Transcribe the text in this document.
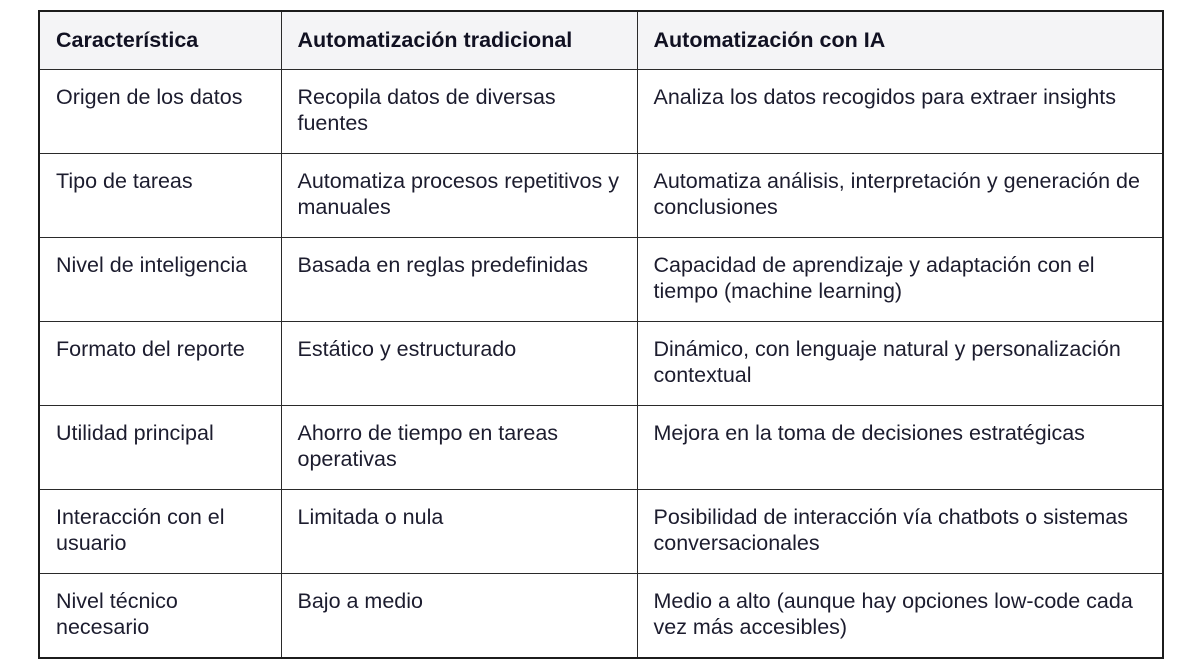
Característica	Automatización tradicional	Automatización con IA
Origen de los datos	Recopila datos de diversas fuentes	Analiza los datos recogidos para extraer insights
Tipo de tareas	Automatiza procesos repetitivos y manuales	Automatiza análisis, interpretación y generación de conclusiones
Nivel de inteligencia	Basada en reglas predefinidas	Capacidad de aprendizaje y adaptación con el tiempo (machine learning)
Formato del reporte	Estático y estructurado	Dinámico, con lenguaje natural y personalización contextual
Utilidad principal	Ahorro de tiempo en tareas operativas	Mejora en la toma de decisiones estratégicas
Interacción con el usuario	Limitada o nula	Posibilidad de interacción vía chatbots o sistemas conversacionales
Nivel técnico necesario	Bajo a medio	Medio a alto (aunque hay opciones low-code cada vez más accesibles)
